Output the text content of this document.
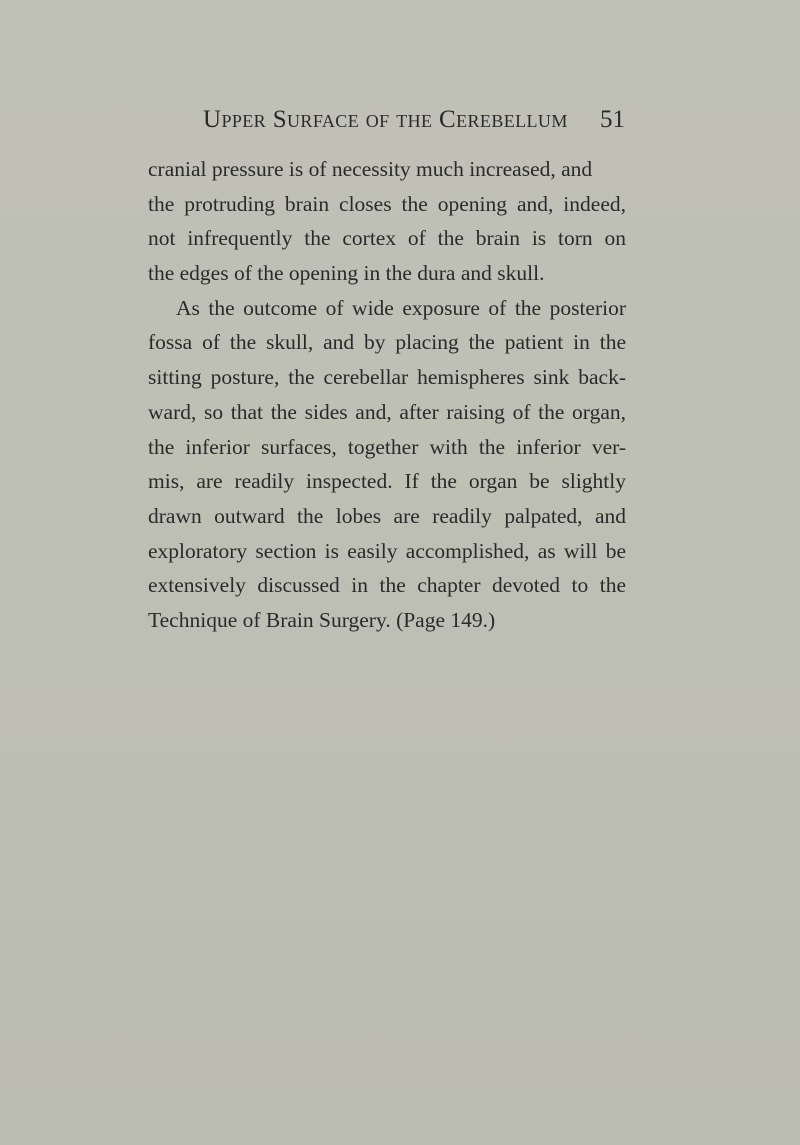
Upper Surface of the Cerebellum 51
cranial pressure is of necessity much increased, and
the protruding brain closes the opening and, indeed,
not infrequently the cortex of the brain is torn on
the edges of the opening in the dura and skull.
As the outcome of wide exposure of the posterior
fossa of the skull, and by placing the patient in the
sitting posture, the cerebellar hemispheres sink back-
ward, so that the sides and, after raising of the organ,
the inferior surfaces, together with the inferior ver-
mis, are readily inspected. If the organ be slightly
drawn outward the lobes are readily palpated, and
exploratory section is easily accomplished, as will be
extensively discussed in the chapter devoted to the
Technique of Brain Surgery. (Page 149.)
